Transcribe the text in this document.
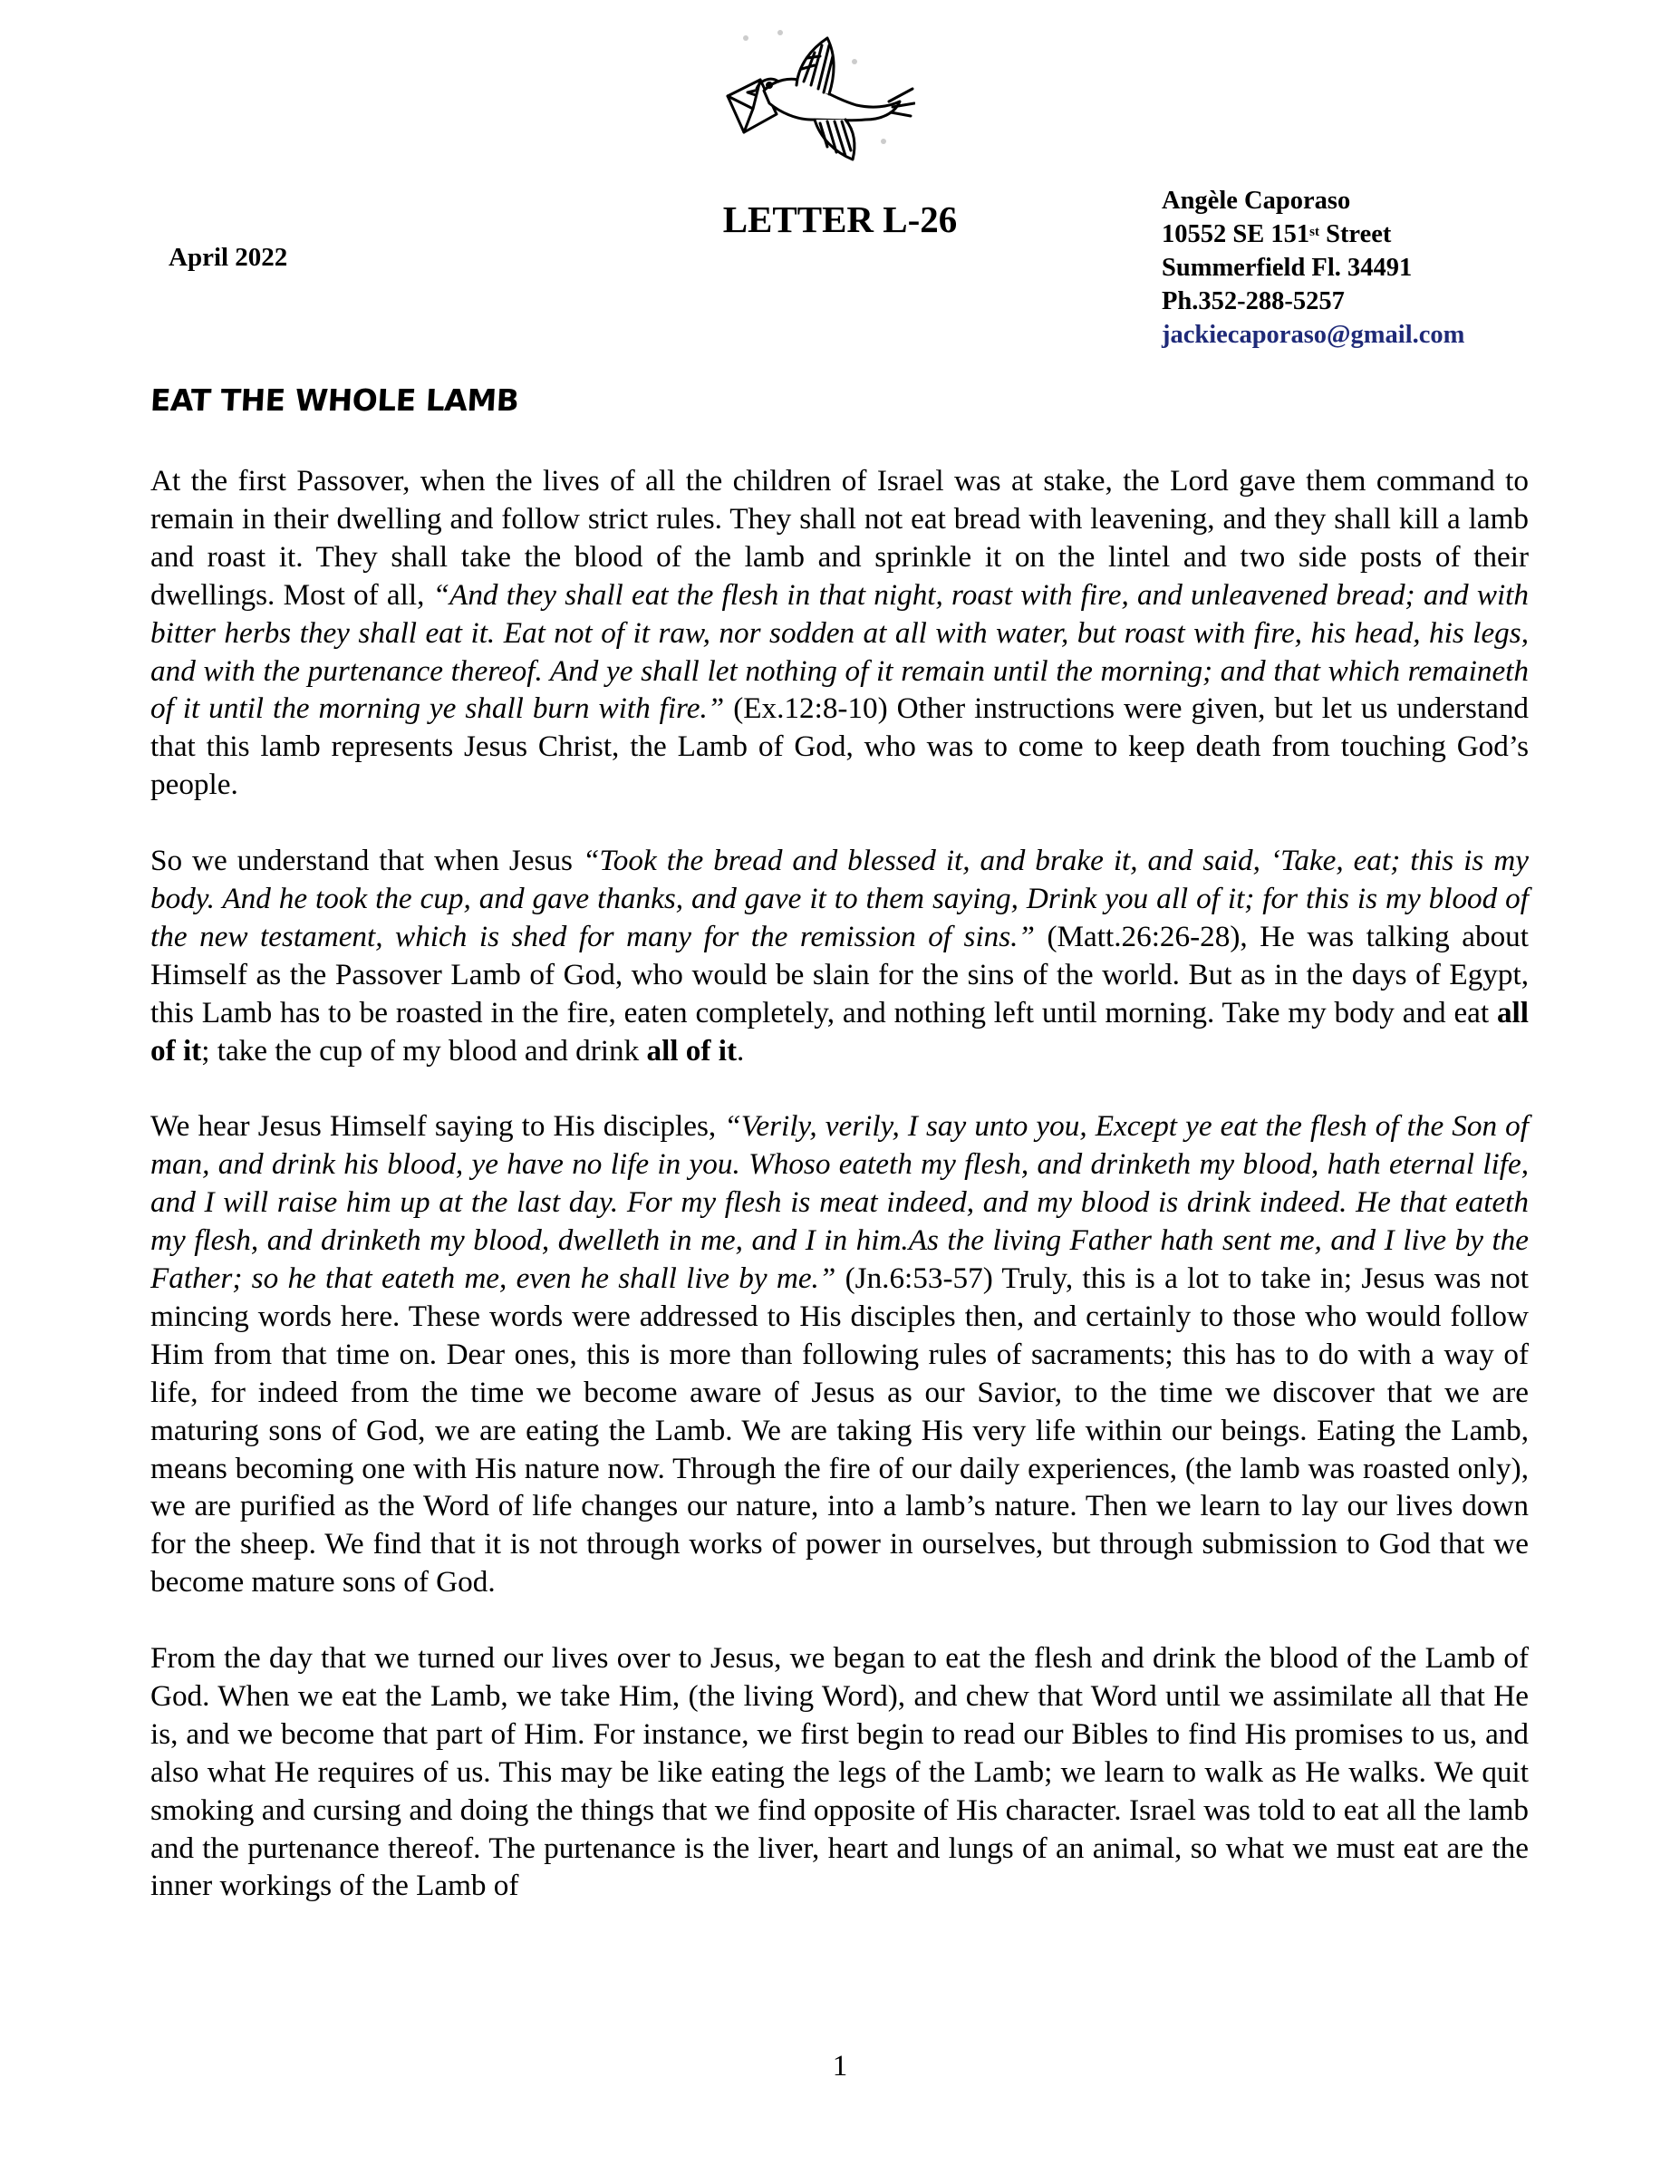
LETTER L-26
April 2022
Angèle Caporaso
10552 SE 151st Street
Summerfield Fl. 34491
Ph.352-288-5257
jackiecaporaso@gmail.com
EAT THE WHOLE LAMB

At the first Passover, when the lives of all the children of Israel was at stake, the Lord gave them command to remain in their dwelling and follow strict rules. They shall not eat bread with leavening, and they shall kill a lamb and roast it. They shall take the blood of the lamb and sprinkle it on the lintel and two side posts of their dwellings. Most of all, “And they shall eat the flesh in that night, roast with fire, and unleavened bread; and with bitter herbs they shall eat it. Eat not of it raw, nor sodden at all with water, but roast with fire, his head, his legs, and with the purtenance thereof. And ye shall let nothing of it remain until the morning; and that which remaineth of it until the morning ye shall burn with fire.” (Ex.12:8-10) Other instructions were given, but let us understand that this lamb represents Jesus Christ, the Lamb of God, who was to come to keep death from touching God’s people.

So we understand that when Jesus “Took the bread and blessed it, and brake it, and said, ‘Take, eat; this is my body. And he took the cup, and gave thanks, and gave it to them saying, Drink you all of it; for this is my blood of the new testament, which is shed for many for the remission of sins.” (Matt.26:26-28), He was talking about Himself as the Passover Lamb of God, who would be slain for the sins of the world. But as in the days of Egypt, this Lamb has to be roasted in the fire, eaten completely, and nothing left until morning. Take my body and eat all of it; take the cup of my blood and drink all of it.

We hear Jesus Himself saying to His disciples, “Verily, verily, I say unto you, Except ye eat the flesh of the Son of man, and drink his blood, ye have no life in you. Whoso eateth my flesh, and drinketh my blood, hath eternal life, and I will raise him up at the last day. For my flesh is meat indeed, and my blood is drink indeed. He that eateth my flesh, and drinketh my blood, dwelleth in me, and I in him.As the living Father hath sent me, and I live by the Father; so he that eateth me, even he shall live by me.” (Jn.6:53-57) Truly, this is a lot to take in; Jesus was not mincing words here. These words were addressed to His disciples then, and certainly to those who would follow Him from that time on. Dear ones, this is more than following rules of sacraments; this has to do with a way of life, for indeed from the time we become aware of Jesus as our Savior, to the time we discover that we are maturing sons of God, we are eating the Lamb. We are taking His very life within our beings. Eating the Lamb, means becoming one with His nature now. Through the fire of our daily experiences, (the lamb was roasted only), we are purified as the Word of life changes our nature, into a lamb’s nature. Then we learn to lay our lives down for the sheep. We find that it is not through works of power in ourselves, but through submission to God that we become mature sons of God.

From the day that we turned our lives over to Jesus, we began to eat the flesh and drink the blood of the Lamb of God. When we eat the Lamb, we take Him, (the living Word), and chew that Word until we assimilate all that He is, and we become that part of Him. For instance, we first begin to read our Bibles to find His promises to us, and also what He requires of us. This may be like eating the legs of the Lamb; we learn to walk as He walks. We quit smoking and cursing and doing the things that we find opposite of His character. Israel was told to eat all the lamb and the purtenance thereof. The purtenance is the liver, heart and lungs of an animal, so what we must eat are the inner workings of the Lamb of

1
